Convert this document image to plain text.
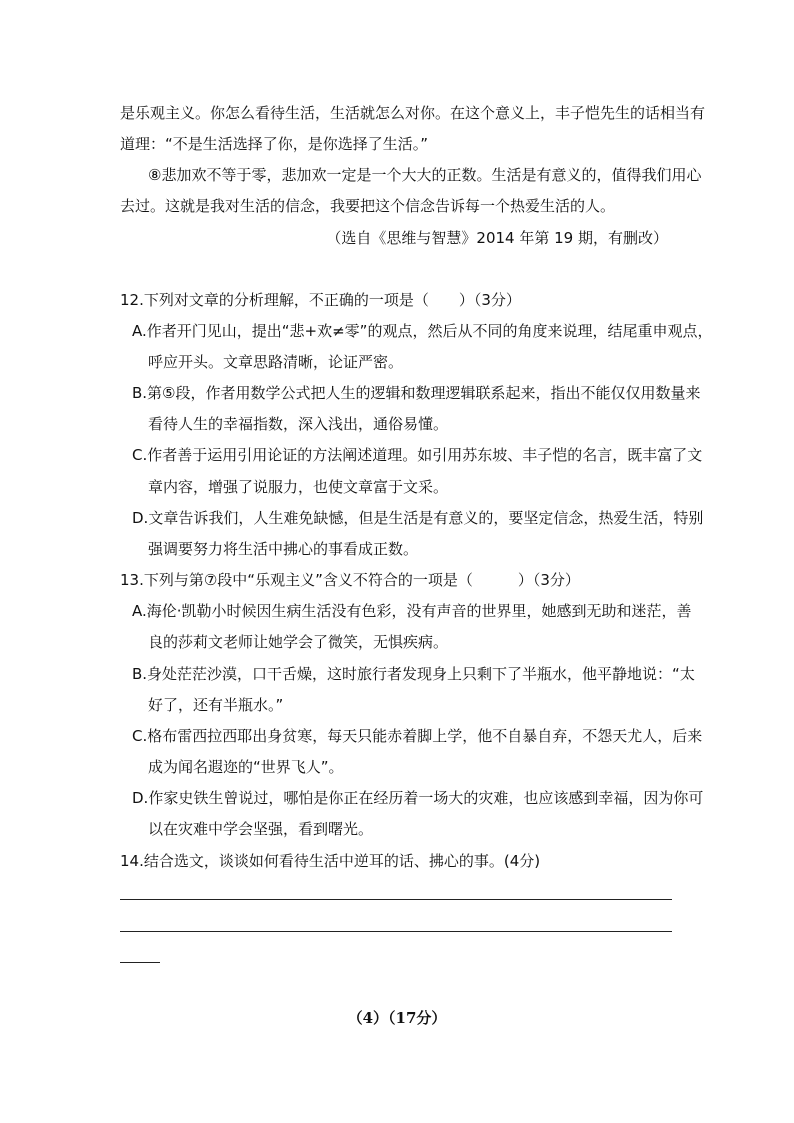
是乐观主义。你怎么看待生活，生活就怎么对你。在这个意义上，丰子恺先生的话相当有
道理：“不是生活选择了你，是你选择了生活。”
⑧悲加欢不等于零，悲加欢一定是一个大大的正数。生活是有意义的，值得我们用心
去过。这就是我对生活的信念，我要把这个信念告诉每一个热爱生活的人。
（选自《思维与智慧》2014 年第 19 期，有删改）
12.下列对文章的分析理解，不正确的一项是（　　）（3分）
A.作者开门见山，提出“悲+欢≠零”的观点，然后从不同的角度来说理，结尾重申观点，
呼应开头。文章思路清晰，论证严密。
B.第⑤段，作者用数学公式把人生的逻辑和数理逻辑联系起来，指出不能仅仅用数量来
看待人生的幸福指数，深入浅出，通俗易懂。
C.作者善于运用引用论证的方法阐述道理。如引用苏东坡、丰子恺的名言，既丰富了文
章内容，增强了说服力，也使文章富于文采。
D.文章告诉我们，人生难免缺憾，但是生活是有意义的，要坚定信念，热爱生活，特别
强调要努力将生活中拂心的事看成正数。
13.下列与第⑦段中“乐观主义”含义不符合的一项是（　　　）（3分）
A.海伦·凯勒小时候因生病生活没有色彩，没有声音的世界里，她感到无助和迷茫，善
良的莎莉文老师让她学会了微笑，无惧疾病。
B.身处茫茫沙漠，口干舌燥，这时旅行者发现身上只剩下了半瓶水，他平静地说：“太
好了，还有半瓶水。”
C.格布雷西拉西耶出身贫寒，每天只能赤着脚上学，他不自暴自弃，不怨天尤人，后来
成为闻名遐迩的“世界飞人”。
D.作家史铁生曾说过，哪怕是你正在经历着一场大的灾难，也应该感到幸福，因为你可
以在灾难中学会坚强，看到曙光。
14.结合选文，谈谈如何看待生活中逆耳的话、拂心的事。(4分)
（4）（17分）
